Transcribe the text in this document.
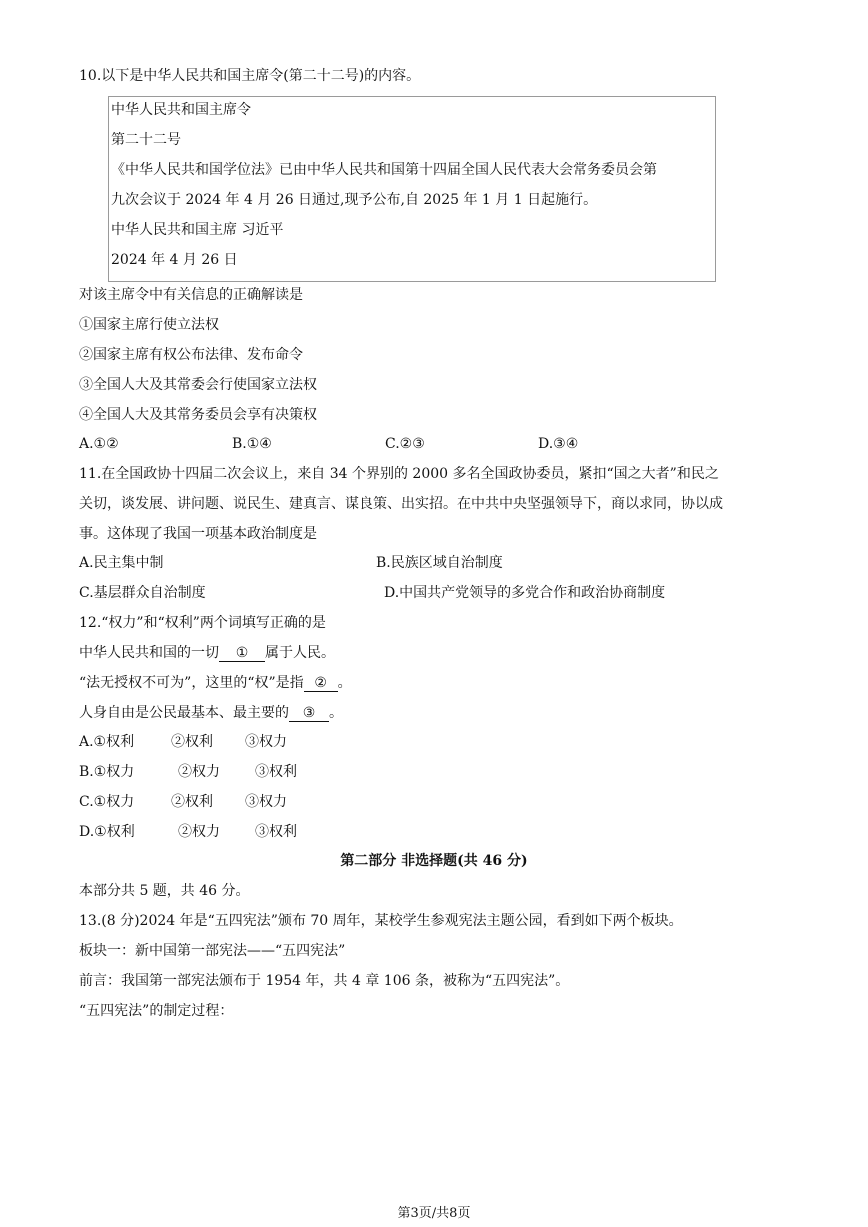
10.以下是中华人民共和国主席令(第二十二号)的内容。
中华人民共和国主席令
第二十二号
《中华人民共和国学位法》已由中华人民共和国第十四届全国人民代表大会常务委员会第
九次会议于 2024 年 4 月 26 日通过,现予公布,自 2025 年 1 月 1 日起施行。
中华人民共和国主席 习近平
2024 年 4 月 26 日
对该主席令中有关信息的正确解读是
①国家主席行使立法权
②国家主席有权公布法律、发布命令
③全国人大及其常委会行使国家立法权
④全国人大及其常务委员会享有决策权
A.①②	B.①④	C.②③	D.③④
11.在全国政协十四届二次会议上，来自 34 个界别的 2000 多名全国政协委员，紧扣“国之大者”和民之
关切，谈发展、讲问题、说民生、建真言、谋良策、出实招。在中共中央坚强领导下，商以求同，协以成
事。这体现了我国一项基本政治制度是
A.民主集中制	B.民族区域自治制度
C.基层群众自治制度	D.中国共产党领导的多党合作和政治协商制度
12.“权力”和“权利”两个词填写正确的是
中华人民共和国的一切 ① 属于人民。
“法无授权不可为”，这里的“权”是指 ② 。
人身自由是公民最基本、最主要的 ③ 。
A.①权利	②权利 ③权力
B.①权力	②权力	③权利
C.①权力	②权利 ③权力
D.①权利	②权力	③权利
第二部分 非选择题(共 46 分)
本部分共 5 题，共 46 分。
13.(8 分)2024 年是“五四宪法”颁布 70 周年，某校学生参观宪法主题公园，看到如下两个板块。
板块一：新中国第一部宪法——“五四宪法”
前言：我国第一部宪法颁布于 1954 年，共 4 章 106 条，被称为“五四宪法”。
“五四宪法”的制定过程：
第3页/共8页
